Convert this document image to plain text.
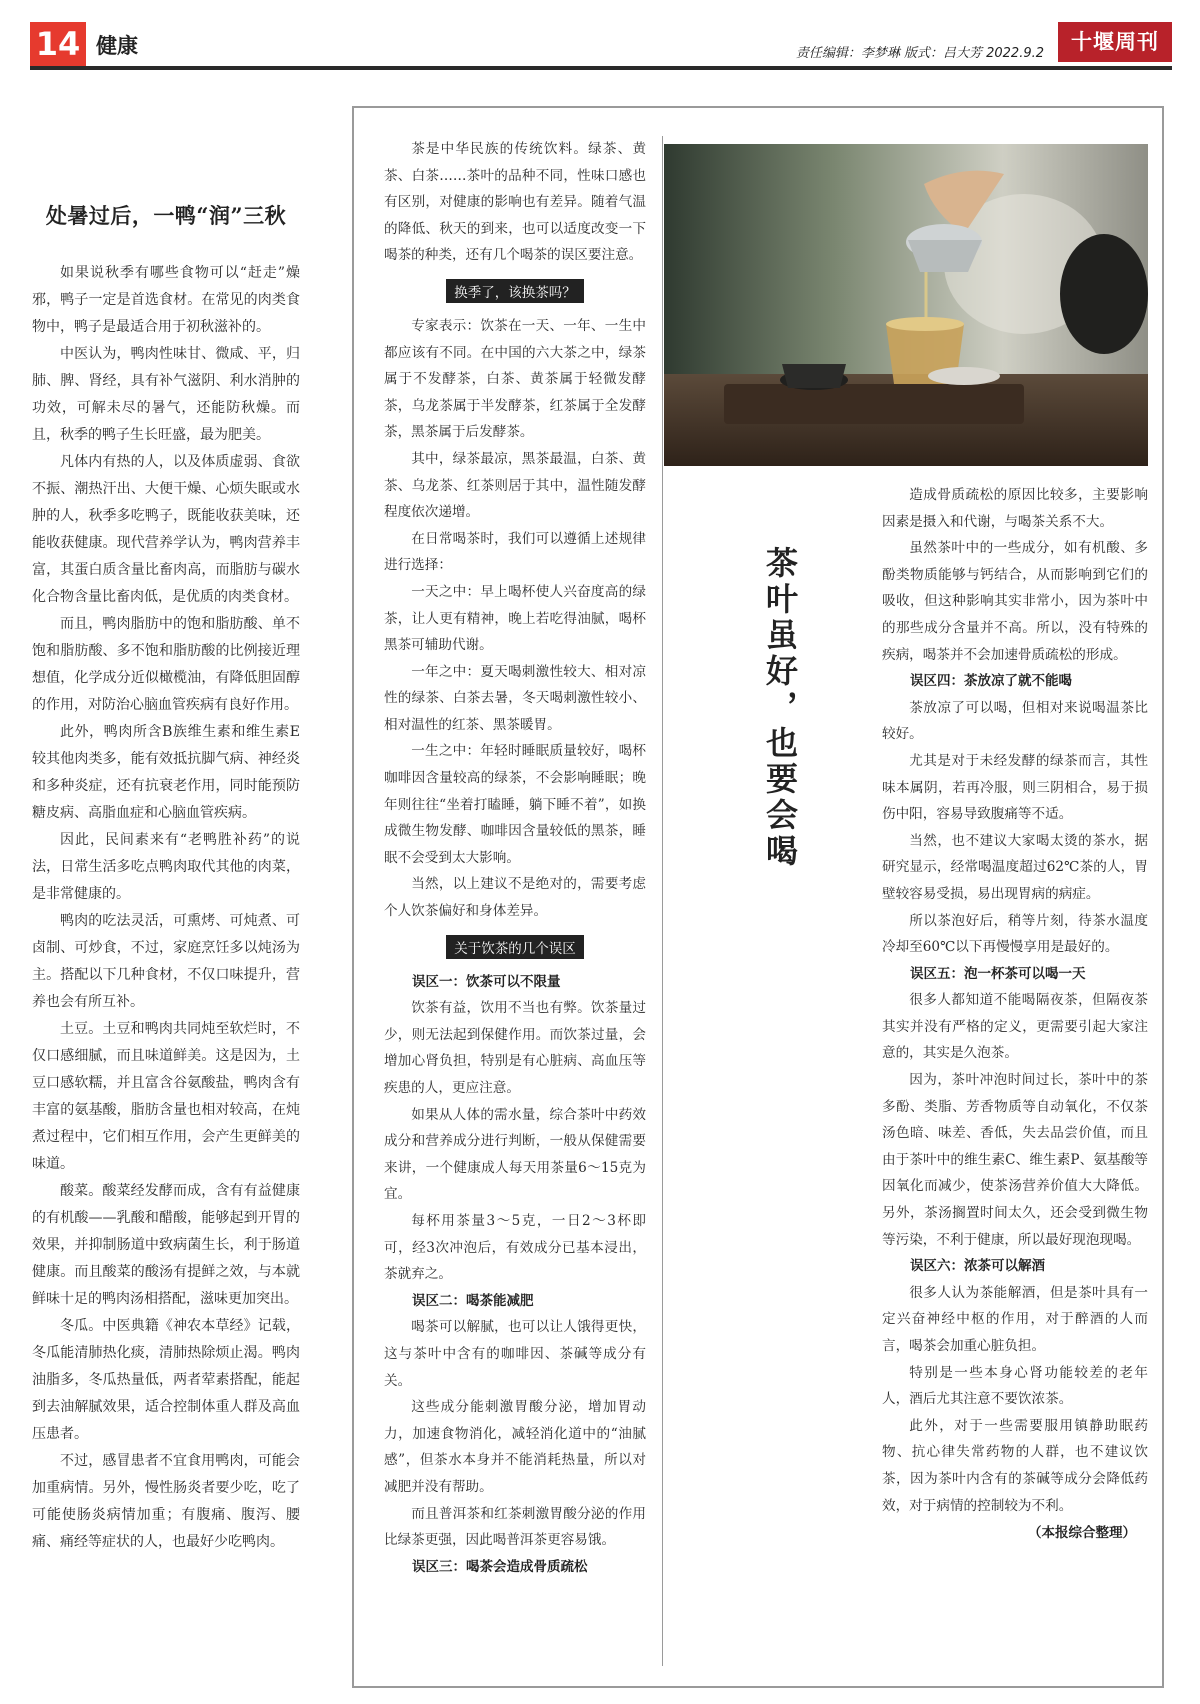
14 健康	责任编辑：李梦琳 版式：吕大芳 2022.9.2	十堰周刊
处暑过后，一鸭“润”三秋

如果说秋季有哪些食物可以“赶走”燥邪，鸭子一定是首选食材。在常见的肉类食物中，鸭子是最适合用于初秋滋补的。

中医认为，鸭肉性味甘、微咸、平，归肺、脾、肾经，具有补气滋阴、利水消肿的功效，可解未尽的暑气，还能防秋燥。而且，秋季的鸭子生长旺盛，最为肥美。

凡体内有热的人，以及体质虚弱、食欲不振、潮热汗出、大便干燥、心烦失眠或水肿的人，秋季多吃鸭子，既能收获美味，还能收获健康。现代营养学认为，鸭肉营养丰富，其蛋白质含量比畜肉高，而脂肪与碳水化合物含量比畜肉低，是优质的肉类食材。

而且，鸭肉脂肪中的饱和脂肪酸、单不饱和脂肪酸、多不饱和脂肪酸的比例接近理想值，化学成分近似橄榄油，有降低胆固醇的作用，对防治心脑血管疾病有良好作用。

此外，鸭肉所含B族维生素和维生素E较其他肉类多，能有效抵抗脚气病、神经炎和多种炎症，还有抗衰老作用，同时能预防糖皮病、高脂血症和心脑血管疾病。

因此，民间素来有“老鸭胜补药”的说法，日常生活多吃点鸭肉取代其他的肉菜，是非常健康的。

鸭肉的吃法灵活，可熏烤、可炖煮、可卤制、可炒食，不过，家庭烹饪多以炖汤为主。搭配以下几种食材，不仅口味提升，营养也会有所互补。

土豆。土豆和鸭肉共同炖至软烂时，不仅口感细腻，而且味道鲜美。这是因为，土豆口感软糯，并且富含谷氨酸盐，鸭肉含有丰富的氨基酸，脂肪含量也相对较高，在炖煮过程中，它们相互作用，会产生更鲜美的味道。

酸菜。酸菜经发酵而成，含有有益健康的有机酸——乳酸和醋酸，能够起到开胃的效果，并抑制肠道中致病菌生长，利于肠道健康。而且酸菜的酸汤有提鲜之效，与本就鲜味十足的鸭肉汤相搭配，滋味更加突出。

冬瓜。中医典籍《神农本草经》记载，冬瓜能清肺热化痰，清肺热除烦止渴。鸭肉油脂多，冬瓜热量低，两者荤素搭配，能起到去油解腻效果，适合控制体重人群及高血压患者。

不过，感冒患者不宜食用鸭肉，可能会加重病情。另外，慢性肠炎者要少吃，吃了可能使肠炎病情加重；有腹痛、腹泻、腰痛、痛经等症状的人，也最好少吃鸭肉。

茶是中华民族的传统饮料。绿茶、黄茶、白茶……茶叶的品种不同，性味口感也有区别，对健康的影响也有差异。随着气温的降低、秋天的到来，也可以适度改变一下喝茶的种类，还有几个喝茶的误区要注意。

换季了，该换茶吗？

专家表示：饮茶在一天、一年、一生中都应该有不同。在中国的六大茶之中，绿茶属于不发酵茶，白茶、黄茶属于轻微发酵茶，乌龙茶属于半发酵茶，红茶属于全发酵茶，黑茶属于后发酵茶。

其中，绿茶最凉，黑茶最温，白茶、黄茶、乌龙茶、红茶则居于其中，温性随发酵程度依次递增。

在日常喝茶时，我们可以遵循上述规律进行选择：

一天之中：早上喝杯使人兴奋度高的绿茶，让人更有精神，晚上若吃得油腻，喝杯黑茶可辅助代谢。

一年之中：夏天喝刺激性较大、相对凉性的绿茶、白茶去暑，冬天喝刺激性较小、相对温性的红茶、黑茶暖胃。

一生之中：年轻时睡眠质量较好，喝杯咖啡因含量较高的绿茶，不会影响睡眠；晚年则往往“坐着打瞌睡，躺下睡不着”，如换成微生物发酵、咖啡因含量较低的黑茶，睡眠不会受到太大影响。

当然，以上建议不是绝对的，需要考虑个人饮茶偏好和身体差异。

关于饮茶的几个误区

误区一：饮茶可以不限量

饮茶有益，饮用不当也有弊。饮茶量过少，则无法起到保健作用。而饮茶过量，会增加心肾负担，特别是有心脏病、高血压等疾患的人，更应注意。

如果从人体的需水量，综合茶叶中药效成分和营养成分进行判断，一般从保健需要来讲，一个健康成人每天用茶量6～15克为宜。

每杯用茶量3～5克，一日2～3杯即可，经3次冲泡后，有效成分已基本浸出，茶就弃之。

误区二：喝茶能减肥

喝茶可以解腻，也可以让人饿得更快，这与茶叶中含有的咖啡因、茶碱等成分有关。

这些成分能刺激胃酸分泌，增加胃动力，加速食物消化，减轻消化道中的“油腻感”，但茶水本身并不能消耗热量，所以对减肥并没有帮助。

而且普洱茶和红茶刺激胃酸分泌的作用比绿茶更强，因此喝普洱茶更容易饿。

误区三：喝茶会造成骨质疏松

茶叶虽好，也要会喝

造成骨质疏松的原因比较多，主要影响因素是摄入和代谢，与喝茶关系不大。

虽然茶叶中的一些成分，如有机酸、多酚类物质能够与钙结合，从而影响到它们的吸收，但这种影响其实非常小，因为茶叶中的那些成分含量并不高。所以，没有特殊的疾病，喝茶并不会加速骨质疏松的形成。

误区四：茶放凉了就不能喝

茶放凉了可以喝，但相对来说喝温茶比较好。

尤其是对于未经发酵的绿茶而言，其性味本属阴，若再冷服，则三阴相合，易于损伤中阳，容易导致腹痛等不适。

当然，也不建议大家喝太烫的茶水，据研究显示，经常喝温度超过62℃茶的人，胃壁较容易受损，易出现胃病的病症。

所以茶泡好后，稍等片刻，待茶水温度冷却至60℃以下再慢慢享用是最好的。

误区五：泡一杯茶可以喝一天

很多人都知道不能喝隔夜茶，但隔夜茶其实并没有严格的定义，更需要引起大家注意的，其实是久泡茶。

因为，茶叶冲泡时间过长，茶叶中的茶多酚、类脂、芳香物质等自动氧化，不仅茶汤色暗、味差、香低，失去品尝价值，而且由于茶叶中的维生素C、维生素P、氨基酸等因氧化而减少，使茶汤营养价值大大降低。另外，茶汤搁置时间太久，还会受到微生物等污染，不利于健康，所以最好现泡现喝。

误区六：浓茶可以解酒

很多人认为茶能解酒，但是茶叶具有一定兴奋神经中枢的作用，对于醉酒的人而言，喝茶会加重心脏负担。

特别是一些本身心肾功能较差的老年人，酒后尤其注意不要饮浓茶。

此外，对于一些需要服用镇静助眠药物、抗心律失常药物的人群，也不建议饮茶，因为茶叶内含有的茶碱等成分会降低药效，对于病情的控制较为不利。

（本报综合整理）
